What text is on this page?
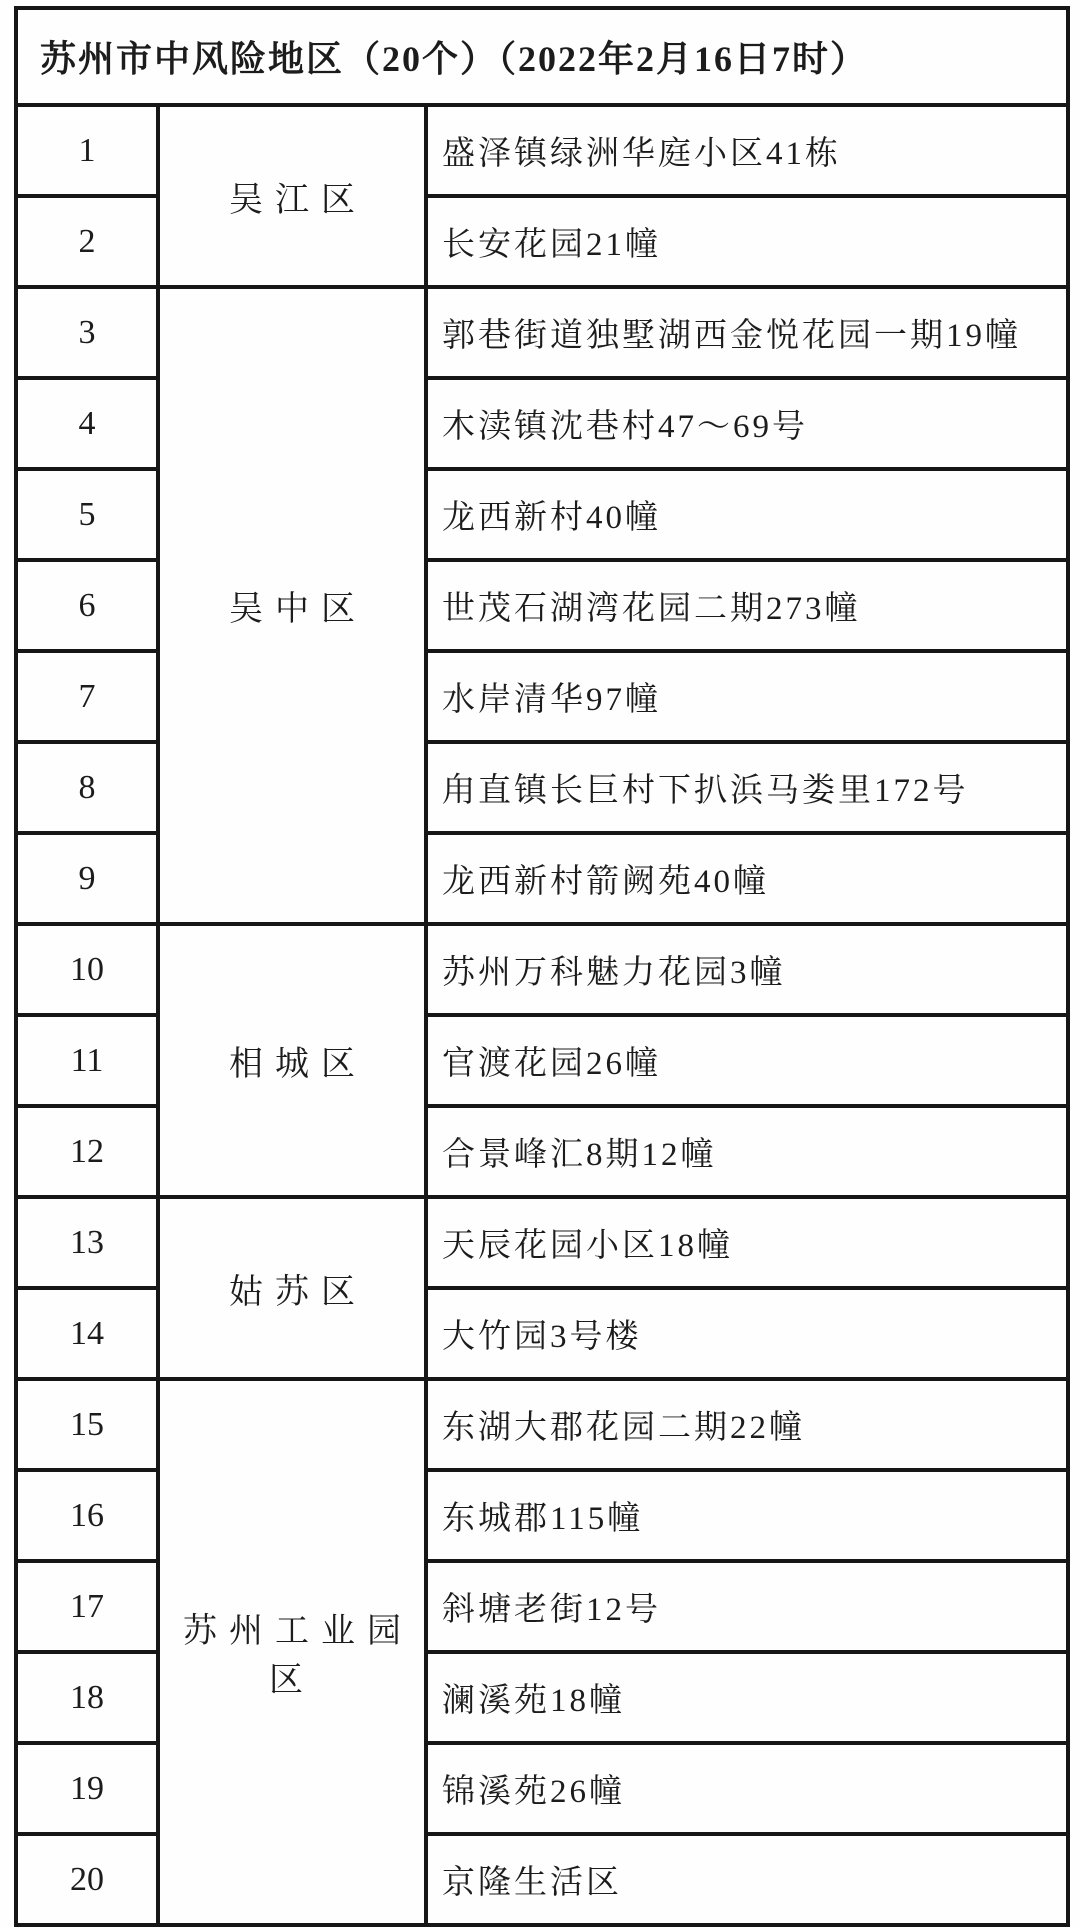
苏州市中风险地区（20个）（2022年2月16日7时）		
1	吴江区	盛泽镇绿洲华庭小区41栋
2		长安花园21幢
3	吴中区	郭巷街道独墅湖西金悦花园一期19幢
4		木渎镇沈巷村47～69号
5		龙西新村40幢
6		世茂石湖湾花园二期273幢
7		水岸清华97幢
8		甪直镇长巨村下扒浜马娄里172号
9		龙西新村箭阙苑40幢
10	相城区	苏州万科魅力花园3幢
11		官渡花园26幢
12		合景峰汇8期12幢
13	姑苏区	天辰花园小区18幢
14		大竹园3号楼
15	苏州工业园区	东湖大郡花园二期22幢
16		东城郡115幢
17		斜塘老街12号
18		澜溪苑18幢
19		锦溪苑26幢
20		京隆生活区
